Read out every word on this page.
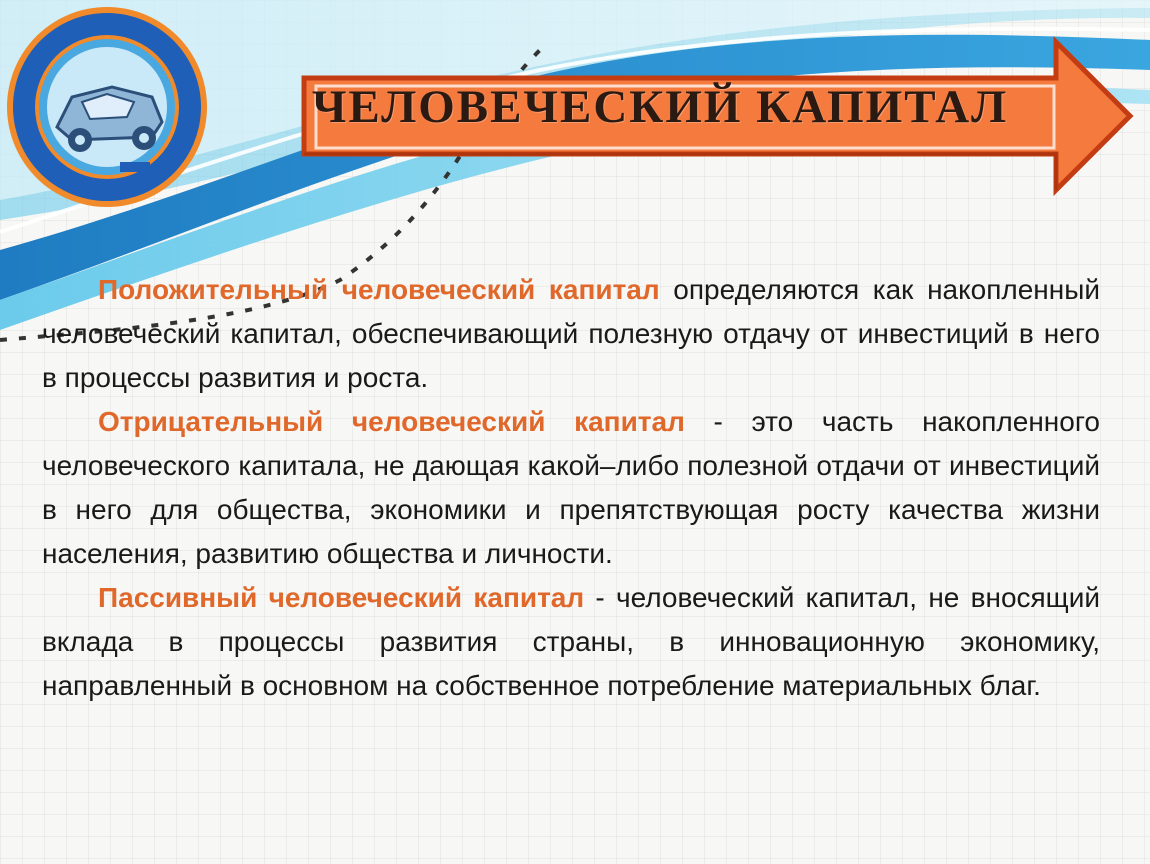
ЧЕЛОВЕЧЕСКИЙ КАПИТАЛ

Положительный человеческий капитал определяются как накопленный человеческий капитал, обеспечивающий полезную отдачу от инвестиций в него в процессы развития и роста.

Отрицательный человеческий капитал - это часть накопленного человеческого капитала, не дающая какой–либо полезной отдачи от инвестиций в него для общества, экономики и препятствующая росту качества жизни населения, развитию общества и личности.

Пассивный человеческий капитал - человеческий капитал, не вносящий вклада в процессы развития страны, в инновационную экономику, направленный в основном на собственное потребление материальных благ.
